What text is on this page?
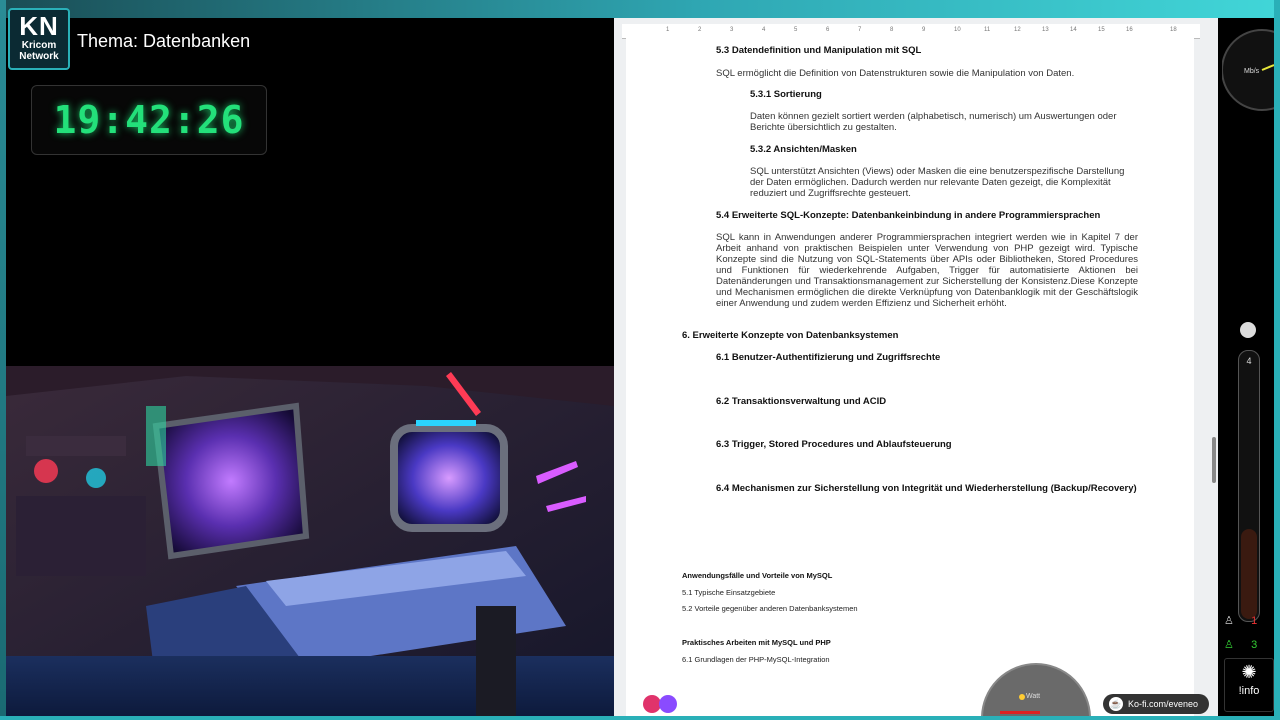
KN
Kricom
Network
Thema: Datenbanken
19:42:26
1	2	3	4	5	6	7	8	9	10	11	12	13	14	15	16	18
5.3 Datendefinition und Manipulation mit SQL
SQL ermöglicht die Definition von Datenstrukturen sowie die Manipulation von Daten.
5.3.1 Sortierung
Daten können gezielt sortiert werden (alphabetisch, numerisch) um Auswertungen oder Berichte übersichtlich zu gestalten.
5.3.2 Ansichten/Masken
SQL unterstützt Ansichten (Views) oder Masken die eine benutzerspezifische Darstellung der Daten ermöglichen. Dadurch werden nur relevante Daten gezeigt, die Komplexität reduziert und Zugriffsrechte gesteuert.
5.4 Erweiterte SQL-Konzepte: Datenbankeinbindung in andere Programmiersprachen
SQL kann in Anwendungen anderer Programmiersprachen integriert werden wie in Kapitel 7 der Arbeit anhand von praktischen Beispielen unter Verwendung von PHP gezeigt wird. Typische Konzepte sind die Nutzung von SQL-Statements über APIs oder Bibliotheken, Stored Procedures und Funktionen für wiederkehrende Aufgaben, Trigger für automatisierte Aktionen bei Datenänderungen und Transaktionsmanagement zur Sicherstellung der Konsistenz.Diese Konzepte und Mechanismen ermöglichen die direkte Verknüpfung von Datenbanklogik mit der Geschäftslogik einer Anwendung und zudem werden Effizienz und Sicherheit erhöht.
6. Erweiterte Konzepte von Datenbanksystemen
6.1 Benutzer-Authentifizierung und Zugriffsrechte
6.2 Transaktionsverwaltung und ACID
6.3 Trigger, Stored Procedures und Ablaufsteuerung
6.4 Mechanismen zur Sicherstellung von Integrität und Wiederherstellung (Backup/Recovery)
Anwendungsfälle und Vorteile von MySQL
5.1 Typische Einsatzgebiete
5.2 Vorteile gegenüber anderen Datenbanksystemen
Praktisches Arbeiten mit MySQL und PHP
6.1 Grundlagen der PHP-MySQL-Integration
Watt
☕ Ko-fi.com/eveneo
Mb/s
4
♙ 1
♙ 3
✺
!info
